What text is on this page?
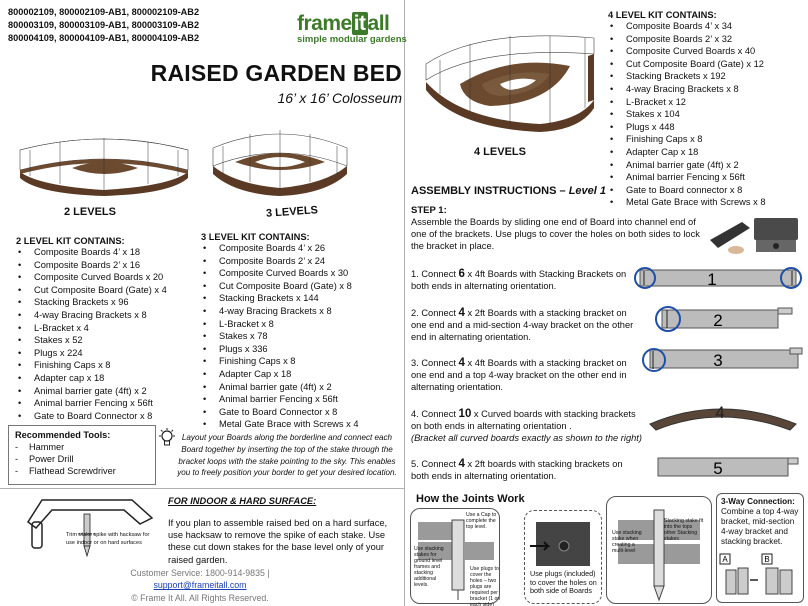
800002109, 800002109-AB1, 800002109-AB2
800003109, 800003109-AB1, 800003109-AB2
800004109, 800004109-AB1, 800004109-AB2
frameitall
simple modular gardens
RAISED GARDEN BED
16’ x 16’ Colosseum
2 LEVELS	3 LEVELS
2 LEVEL KIT CONTAINS:
• Composite Boards 4’ x 18
• Composite Boards 2’ x 16
• Composite Curved Boards x 20
• Cut Composite Board (Gate) x 4
• Stacking Brackets x 96
• 4-way Bracing Brackets x 8
• L-Bracket x 4
• Stakes x 52
• Plugs x 224
• Finishing Caps x 8
• Adapter cap x 18
• Animal barrier gate (4ft) x 2
• Animal barrier Fencing x 56ft
• Gate to Board Connector x 8
3 LEVEL KIT CONTAINS:
• Composite Boards 4’ x 26
• Composite Boards 2’ x 24
• Composite Curved Boards x 30
• Cut Composite Board (Gate) x 8
• Stacking Brackets x 144
• 4-way Bracing Brackets x 8
• L-Bracket x 8
• Stakes x 78
• Plugs x 336
• Finishing Caps x 8
• Adapter Cap x 18
• Animal barrier gate (4ft) x 2
• Animal barrier Fencing x 56ft
• Gate to Board Connector x 8
• Metal Gate Brace with Screws x 4
Recommended Tools:
- Hammer
- Power Drill
- Flathead Screwdriver
Layout your Boards along the borderline and connect each Board together by inserting the top of the stake through the bracket loops with the stake pointing to the sky. This enables you to freely position your border to get your desired location.
Trim stake spike with hacksaw for use indoor or on hard surfaces
FOR INDOOR & HARD SURFACE:
If you plan to assemble raised bed on a hard surface, use hacksaw to remove the spike of each stake. Use these cut down stakes for the base level only of your raised garden.
Customer Service: 1800-914-9835 |
support@frameitall.com
© Frame It All. All Rights Reserved.
4 LEVELS
4 LEVEL KIT CONTAINS:
• Composite Boards 4’ x 34
• Composite Boards 2’ x 32
• Composite Curved Boards x 40
• Cut Composite Board (Gate) x 12
• Stacking Brackets x 192
• 4-way Bracing Brackets x 8
• L-Bracket x 12
• Stakes x 104
• Plugs x 448
• Finishing Caps x 8
• Adapter Cap x 18
• Animal barrier gate (4ft) x 2
• Animal barrier Fencing x 56ft
• Gate to Board connector x 8
• Metal Gate Brace with Screws x 8
ASSEMBLY INSTRUCTIONS – Level 1
STEP 1:
Assemble the Boards by sliding one end of Board into channel end of one of the brackets. Use plugs to cover the holes on both sides to lock the bracket in place.
1. Connect 6 x 4ft Boards with Stacking Brackets on both ends in alternating orientation.
2. Connect 4 x 2ft Boards with a stacking bracket on one end and a mid-section 4-way bracket on the other end in alternating orientation.
3. Connect 4 x 4ft Boards with a stacking bracket on one end and a top 4-way bracket on the other end in alternating orientation.
4. Connect 10 x Curved boards with stacking brackets on both ends in alternating orientation .
(Bracket all curved boards exactly as shown to the right)
5. Connect 4 x 2ft boards with stacking brackets on both ends in alternating orientation.
1
2
3
4
5
How the Joints Work
Use a Cap to complete the top level.
Use stacking stakes for ground level frames and stacking additional levels.
Use plugs to cover the holes – two plugs are required per bracket (1 on each side)
Use plugs (included) to cover the holes on both side of Boards
Use stacking stake when creating a multi-level
Stacking stake fit into the tops other Stacking stakes
3-Way Connection:
Combine a top 4-way bracket, mid-section 4-way bracket and stacking bracket.
A	B
